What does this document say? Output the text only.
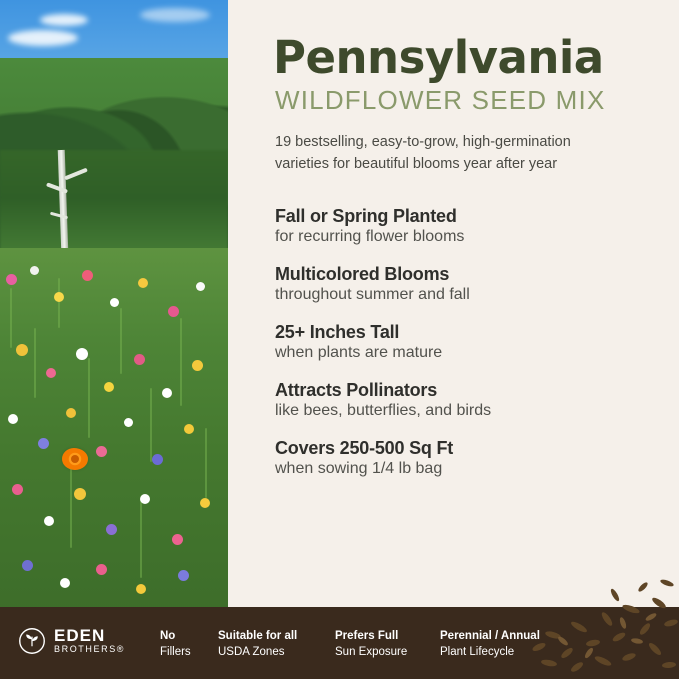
Pennsylvania
WILDFLOWER SEED MIX

19 bestselling, easy-to-grow, high-germination varieties for beautiful blooms year after year

Fall or Spring Planted
for recurring flower blooms
Multicolored Blooms
throughout summer and fall
25+ Inches Tall
when plants are mature
Attracts Pollinators
like bees, butterflies, and birds
Covers 250-500 Sq Ft
when sowing 1/4 lb bag
EDEN
BROTHERS®
No
Fillers
Suitable for all
USDA Zones
Prefers Full
Sun Exposure
Perennial / Annual
Plant Lifecycle
